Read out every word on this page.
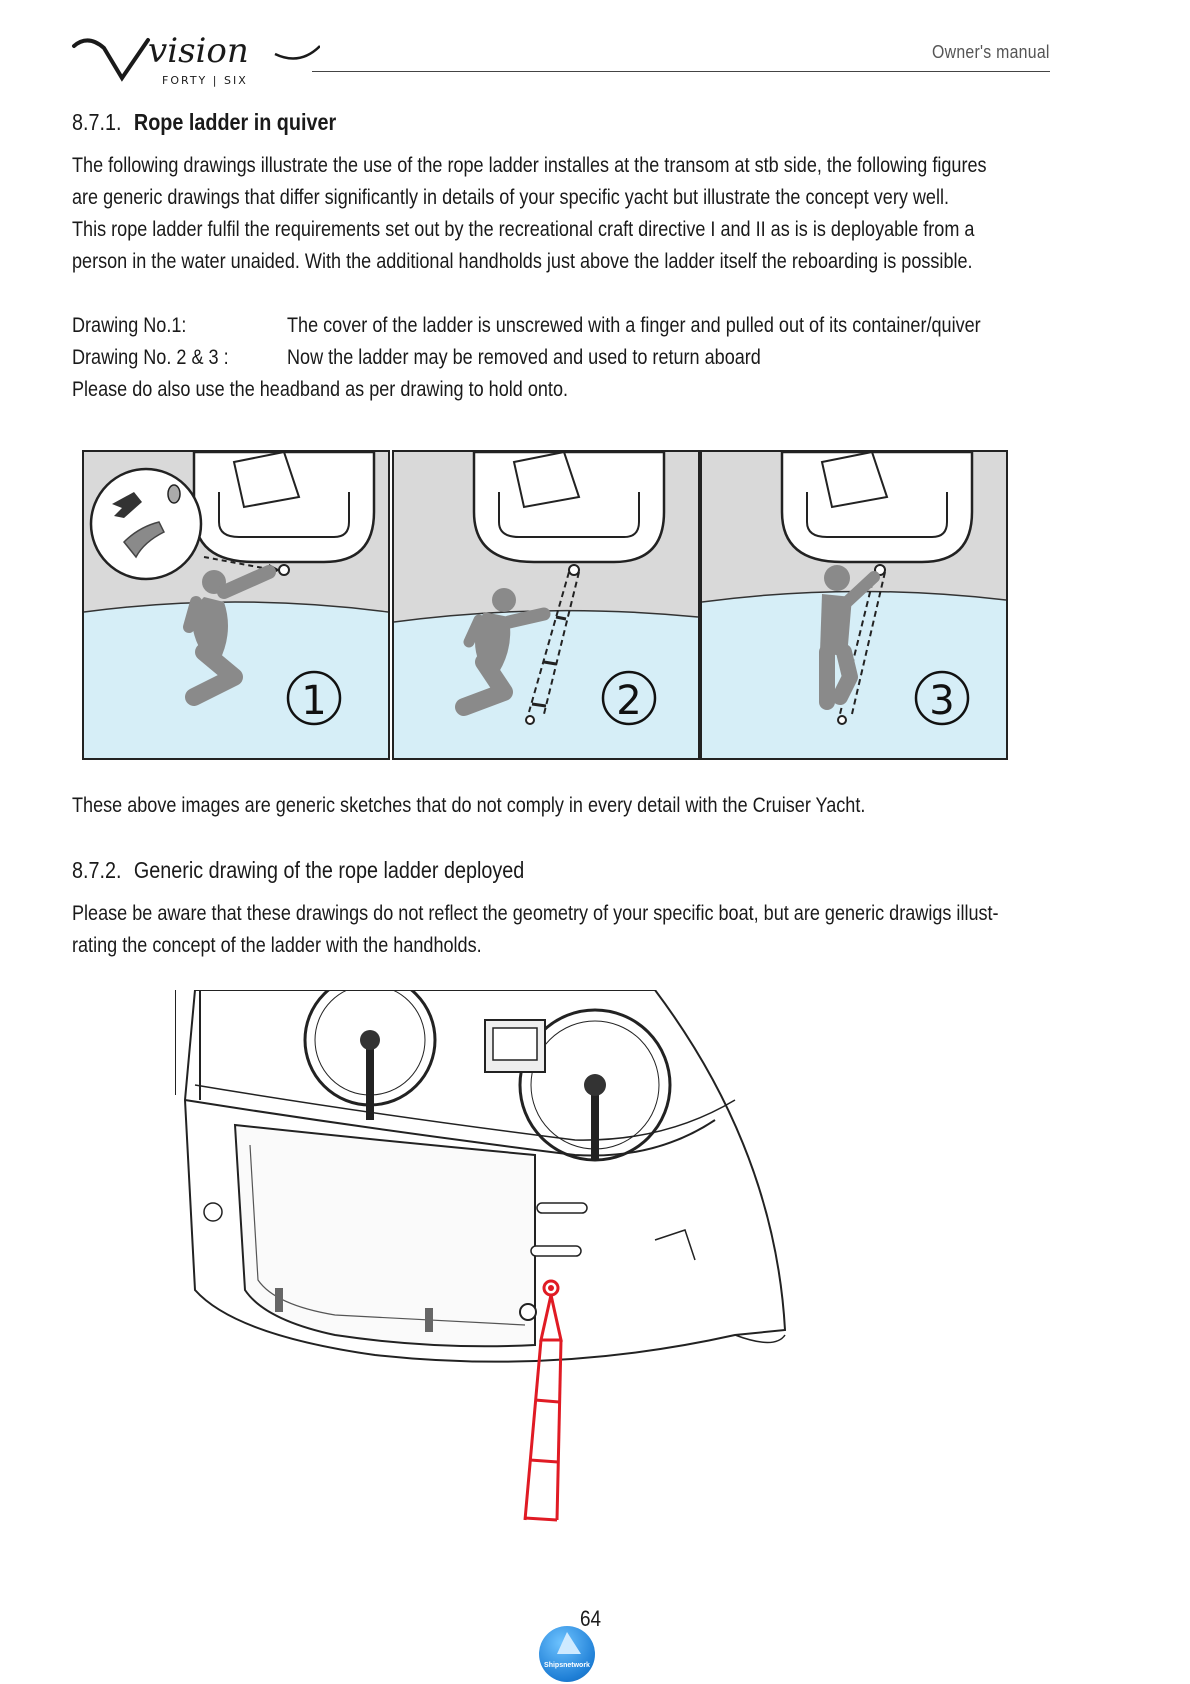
vision
FORTY | SIX
Owner's manual
8.7.1. Rope ladder in quiver
The following drawings illustrate the use of the rope ladder installes at the transom at stb side, the following figures
are generic drawings that differ significantly in details of your specific yacht but illustrate the concept very well.
This rope ladder fulfil the requirements set out by the recreational craft directive I and II as is is deployable from a
person in the water unaided. With the additional handholds just above the ladder itself the reboarding is possible.
Drawing No.1:	The cover of the ladder is unscrewed with a finger and pulled out of its container/quiver
Drawing No. 2 & 3 :	Now the ladder may be removed and used to return aboard
Please do also use the headband as per drawing to hold onto.
1	2	3
These above images are generic sketches that do not comply in every detail with the Cruiser Yacht.
8.7.2. Generic drawing of the rope ladder deployed
Please be aware that these drawings do not reflect the geometry of your specific boat, but are generic drawigs illust-
rating the concept of the ladder with the handholds.
64
Shipsnetwork
